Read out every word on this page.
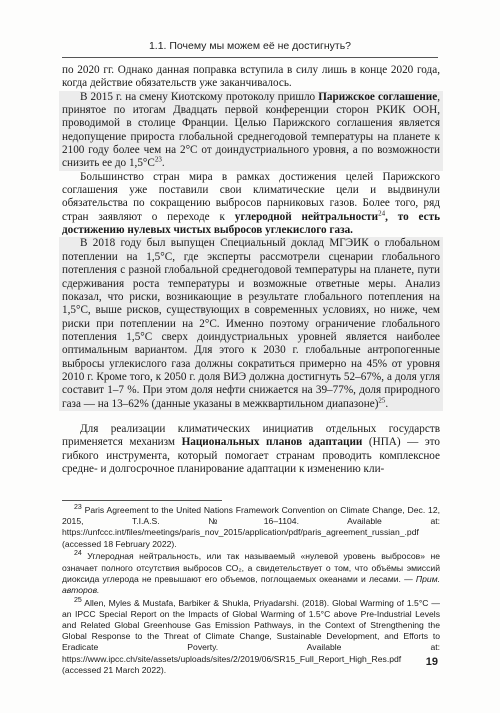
1.1. Почему мы можем её не достигнуть?

по 2020 гг. Однако данная поправка вступила в силу лишь в конце 2020 года, когда действие обязательств уже заканчивалось.

В 2015 г. на смену Киотскому протоколу пришло Парижское соглашение, принятое по итогам Двадцать первой конференции сторон РКИК ООН, проводимой в столице Франции. Целью Парижского соглашения является недопущение прироста глобальной среднегодовой температуры на планете к 2100 году более чем на 2°С от доиндустриального уровня, а по возможности снизить ее до $1,5^\circ С^{23}$.

Большинство стран мира в рамках достижения целей Парижского соглашения уже поставили свои климатические цели и выдвинули обязательства по сокращению выбросов парниковых газов. Более того, ряд стран заявляют о переходе к углеродной нейтральности$^{24}$, то есть достижению нулевых чистых выбросов углекислого газа.

В 2018 году был выпущен Специальный доклад МГЭИК о глобальном потеплении на 1,5°С, где эксперты рассмотрели сценарии глобального потепления с разной глобальной среднегодовой температуры на планете, пути сдерживания роста температуры и возможные ответные меры. Анализ показал, что риски, возникающие в результате глобального потепления на 1,5°С, выше рисков, существующих в современных условиях, но ниже, чем риски при потеплении на 2°С. Именно поэтому ограничение глобального потепления 1,5°С сверх доиндустриальных уровней является наиболее оптимальным вариантом. Для этого к 2030 г. глобальные антропогенные выбросы углекислого газа должны сократиться примерно на 45% от уровня 2010 г. Кроме того, к 2050 г. доля ВИЭ должна достигнуть 52–67%, а доля угля составит 1–7 %. При этом доля нефти снижается на 39–77%, доля природного газа — на 13–62% (данные указаны в межквартильном диапазоне)$^{25}$.

Для реализации климатических инициатив отдельных государств применяется механизм Национальных планов адаптации (НПА) — это гибкого инструмента, который помогает странам проводить комплексное средне- и долгосрочное планирование адаптации к изменению кли-

$^{23}$ Paris Agreement to the United Nations Framework Convention on Climate Change, Dec. 12, 2015, T.I.A.S. №16–1104. Available at: https://unfccc.int/files/meetings/paris_nov_2015/application/pdf/paris_agreement_russian_.pdf (accessed 18 February 2022).

$^{24}$ Углеродная нейтральность, или так называемый «нулевой уровень выбросов» не означает полного отсутствия выбросов СО₂, а свидетельствует о том, что объёмы эмиссий диоксида углерода не превышают его объемов, поглощаемых океанами и лесами. — Прим. авторов.

$^{25}$ Allen, Myles & Mustafa, Barbiker & Shukla, Priyadarshi. (2018). Global Warming of 1.5°C — an IPCC Special Report on the Impacts of Global Warming of 1.5°C above Pre-Industrial Levels and Related Global Greenhouse Gas Emission Pathways, in the Context of Strengthening the Global Response to the Threat of Climate Change, Sustainable Development, and Efforts to Eradicate Poverty. Available at: https://www.ipcc.ch/site/assets/uploads/sites/2/2019/06/SR15_Full_Report_High_Res.pdf (accessed 21 March 2022).

19
